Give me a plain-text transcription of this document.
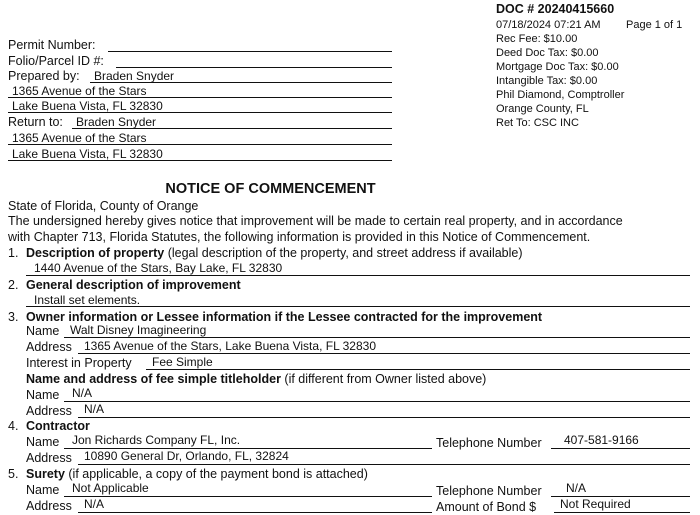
DOC # 20240415660
07/18/2024 07:21 AM Page 1 of 1
Rec Fee: $10.00
Deed Doc Tax: $0.00
Mortgage Doc Tax: $0.00
Intangible Tax: $0.00
Phil Diamond, Comptroller
Orange County, FL
Ret To: CSC INC
Permit Number:
Folio/Parcel ID #:
Prepared by: Braden Snyder
1365 Avenue of the Stars
Lake Buena Vista, FL 32830
Return to: Braden Snyder
1365 Avenue of the Stars
Lake Buena Vista, FL 32830
NOTICE OF COMMENCEMENT
State of Florida, County of Orange
The undersigned hereby gives notice that improvement will be made to certain real property, and in accordance
with Chapter 713, Florida Statutes, the following information is provided in this Notice of Commencement.
1. Description of property (legal description of the property, and street address if available)
1440 Avenue of the Stars, Bay Lake, FL 32830
2. General description of improvement
Install set elements.
3. Owner information or Lessee information if the Lessee contracted for the improvement
Name Walt Disney Imagineering
Address 1365 Avenue of the Stars, Lake Buena Vista, FL 32830
Interest in Property Fee Simple
Name and address of fee simple titleholder (if different from Owner listed above)
Name N/A
Address N/A
4. Contractor
Name Jon Richards Company FL, Inc.	Telephone Number 407-581-9166
Address 10890 General Dr, Orlando, FL, 32824
5. Surety (if applicable, a copy of the payment bond is attached)
Name Not Applicable	Telephone Number N/A
Address N/A	Amount of Bond $ Not Required
